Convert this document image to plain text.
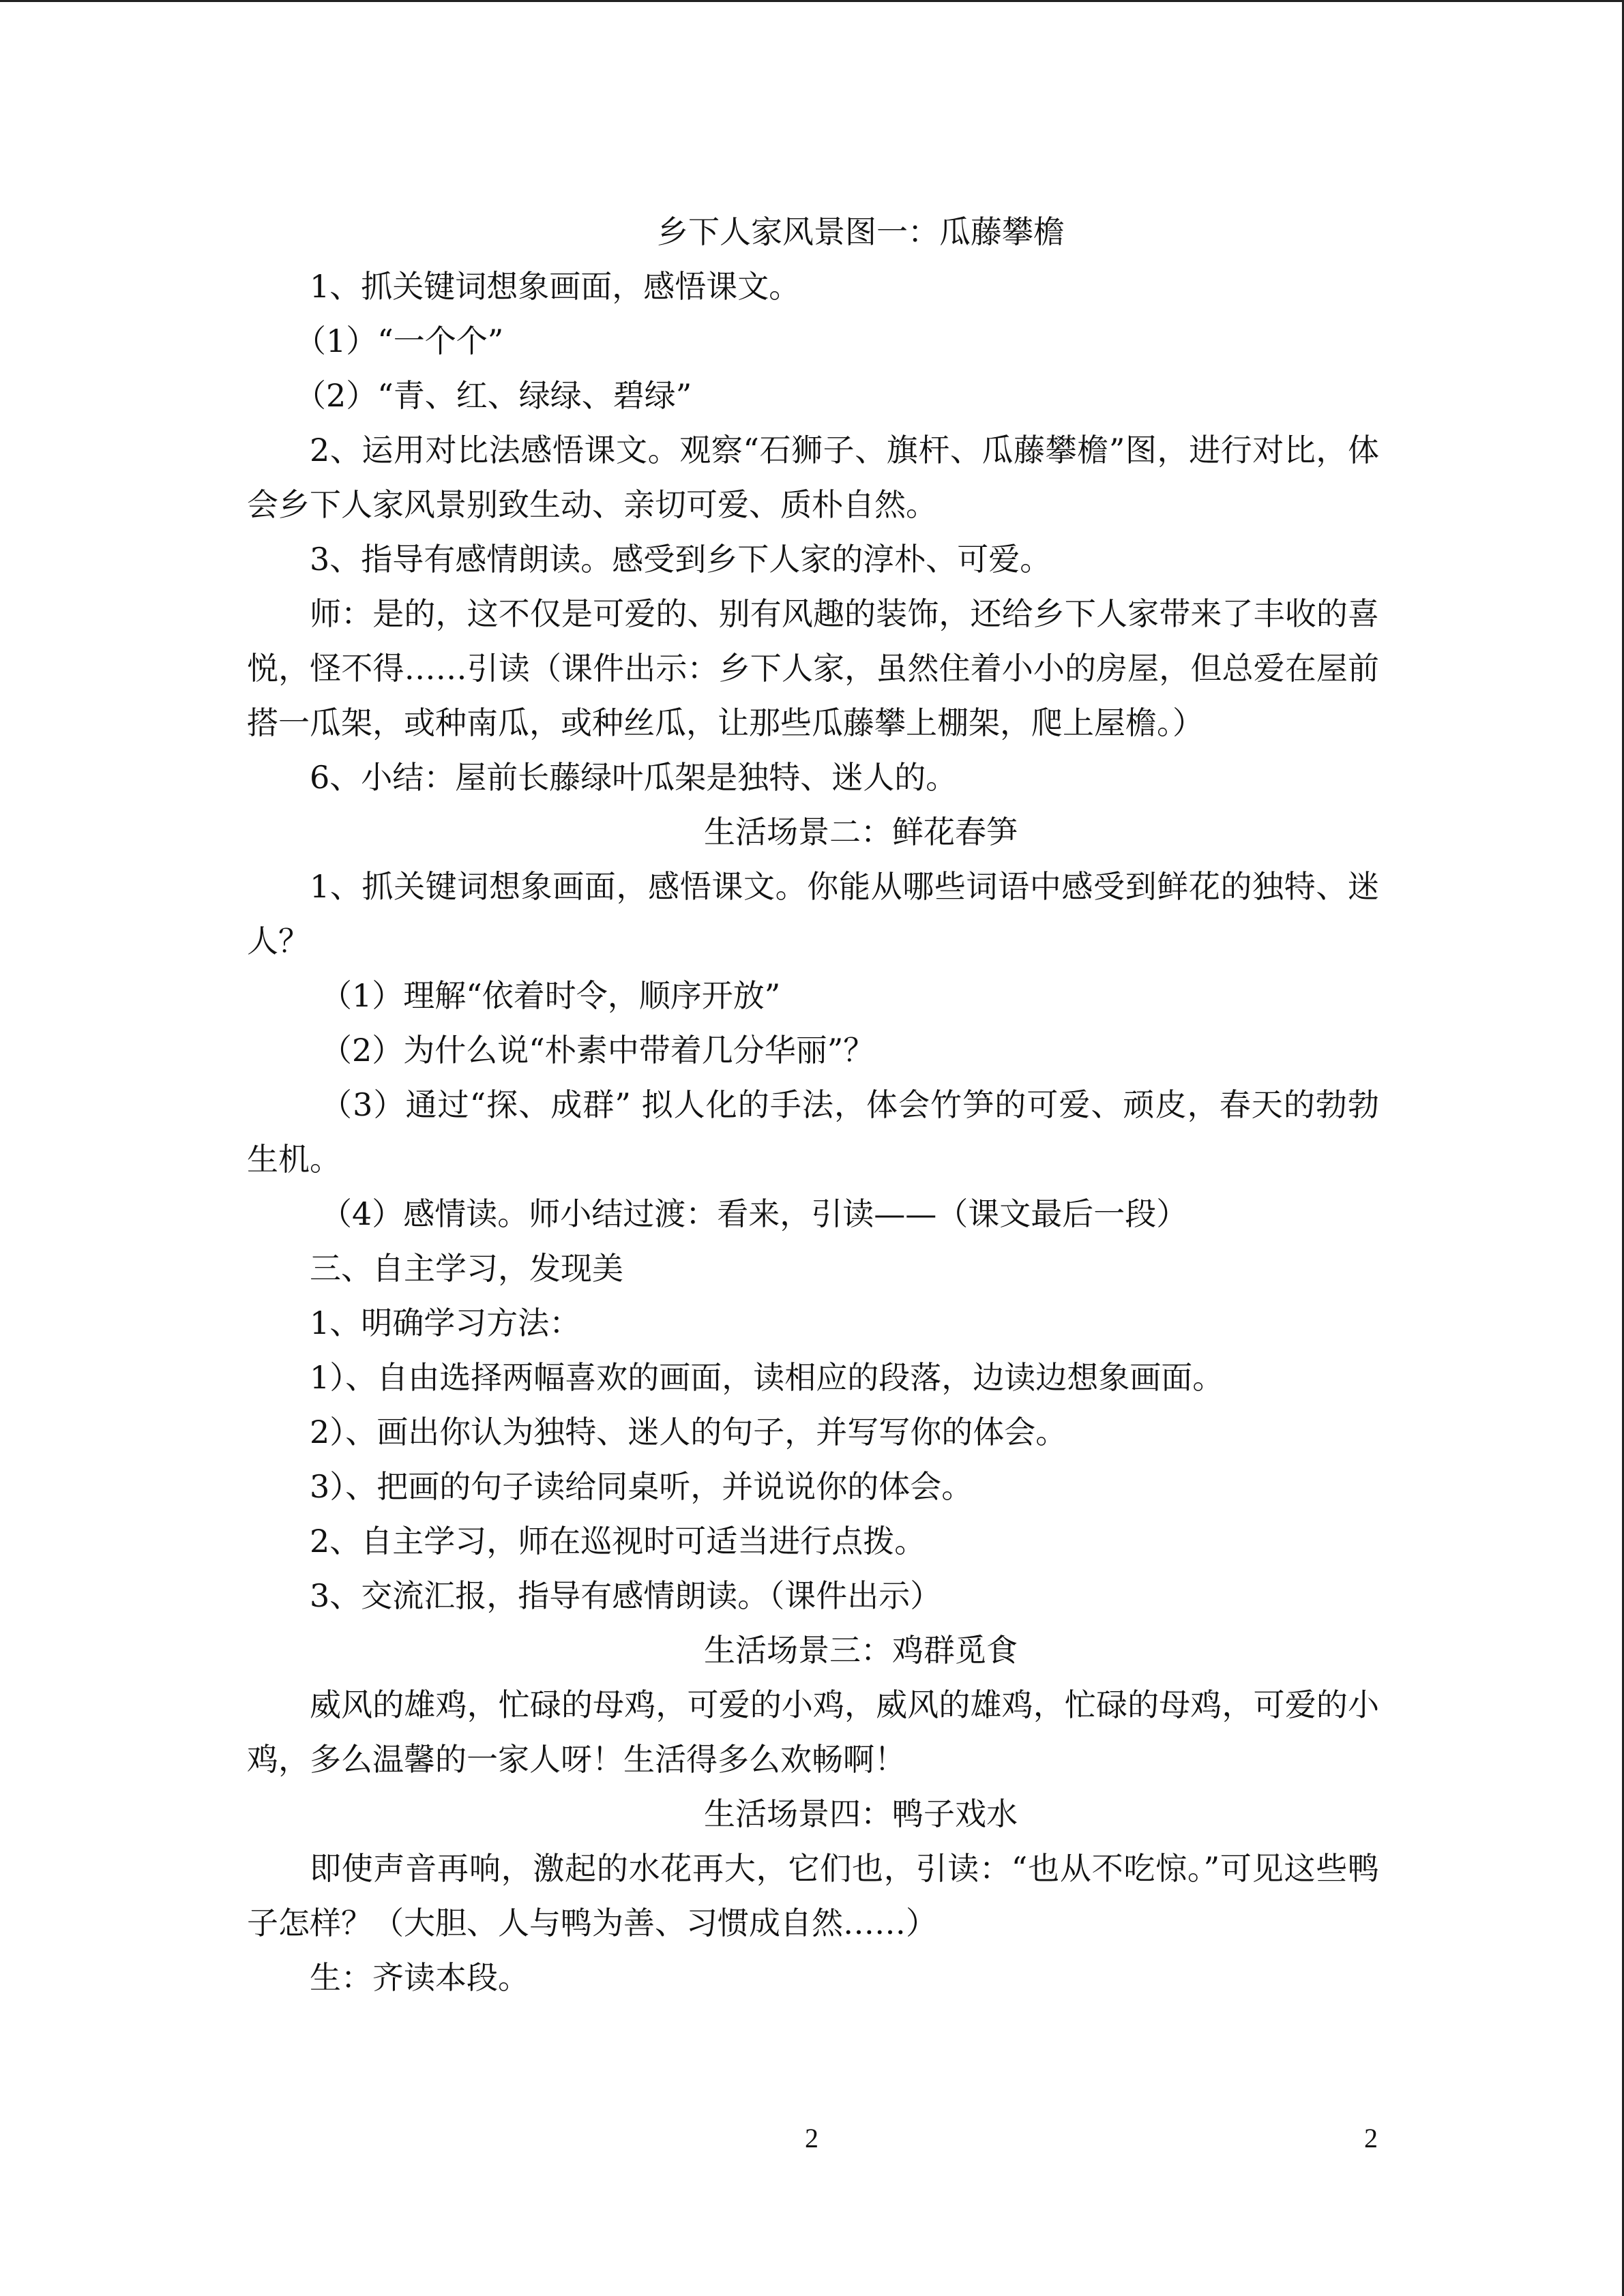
乡下人家风景图一：瓜藤攀檐
1、抓关键词想象画面，感悟课文。
（1）“一个个”
（2）“青、红、绿绿、碧绿”
2、运用对比法感悟课文。观察“石狮子、旗杆、瓜藤攀檐”图，进行对比，体会乡下人家风景别致生动、亲切可爱、质朴自然。
3、指导有感情朗读。感受到乡下人家的淳朴、可爱。
师：是的，这不仅是可爱的、别有风趣的装饰，还给乡下人家带来了丰收的喜悦，怪不得……引读（课件出示：乡下人家，虽然住着小小的房屋，但总爱在屋前搭一瓜架，或种南瓜，或种丝瓜，让那些瓜藤攀上棚架，爬上屋檐。）
6、小结：屋前长藤绿叶瓜架是独特、迷人的。
生活场景二：鲜花春笋
1、抓关键词想象画面，感悟课文。你能从哪些词语中感受到鲜花的独特、迷人？
（1）理解“依着时令，顺序开放”
（2）为什么说“朴素中带着几分华丽”？
（3）通过“探、成群” 拟人化的手法，体会竹笋的可爱、顽皮，春天的勃勃生机。
（4）感情读。师小结过渡：看来，引读——（课文最后一段）
三、自主学习，发现美
1、明确学习方法：
1）、自由选择两幅喜欢的画面，读相应的段落，边读边想象画面。
2）、画出你认为独特、迷人的句子，并写写你的体会。
3）、把画的句子读给同桌听，并说说你的体会。
2、自主学习，师在巡视时可适当进行点拨。
3、交流汇报，指导有感情朗读。（课件出示）
生活场景三：鸡群觅食
威风的雄鸡，忙碌的母鸡，可爱的小鸡，威风的雄鸡，忙碌的母鸡，可爱的小鸡，多么温馨的一家人呀！生活得多么欢畅啊！
生活场景四：鸭子戏水
即使声音再响，激起的水花再大，它们也，引读：“也从不吃惊。”可见这些鸭子怎样？（大胆、人与鸭为善、习惯成自然……）
生：齐读本段。
2	2
